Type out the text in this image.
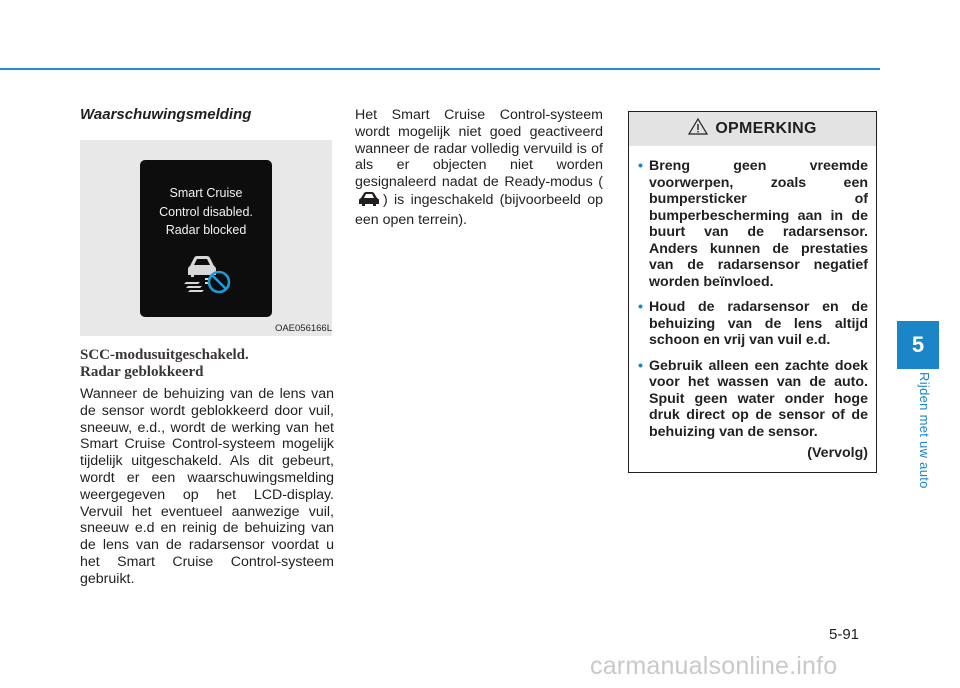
Waarschuwingsmelding
Smart Cruise
Control disabled.
Radar blocked
OAE056166L
SCC-modusuitgeschakeld.
Radar geblokkeerd

Wanneer de behuizing van de lens van de sensor wordt geblokkeerd door vuil, sneeuw, e.d., wordt de werking van het Smart Cruise Control-systeem mogelijk tijdelijk uitgeschakeld. Als dit gebeurt, wordt er een waarschuwingsmelding weergegeven op het LCD-display. Vervuil het eventueel aanwezige vuil, sneeuw e.d en reinig de behuizing van de lens van de radarsensor voordat u het Smart Cruise Control-systeem gebruikt.

Het Smart Cruise Control-systeem wordt mogelijk niet goed geactiveerd wanneer de radar volledig vervuild is of als er objecten niet worden gesignaleerd nadat de Ready-modus () is ingeschakeld (bijvoorbeeld op een open terrein).

OPMERKING
• Breng geen vreemde voorwerpen, zoals een bumpersticker of bumperbescherming aan in de buurt van de radarsensor. Anders kunnen de prestaties van de radarsensor negatief worden beïnvloed.
• Houd de radarsensor en de behuizing van de lens altijd schoon en vrij van vuil e.d.
• Gebruik alleen een zachte doek voor het wassen van de auto. Spuit geen water onder hoge druk direct op de sensor of de behuizing van de sensor.
(Vervolg)
5
Rijden met uw auto
5-91
carmanualsonline.info
